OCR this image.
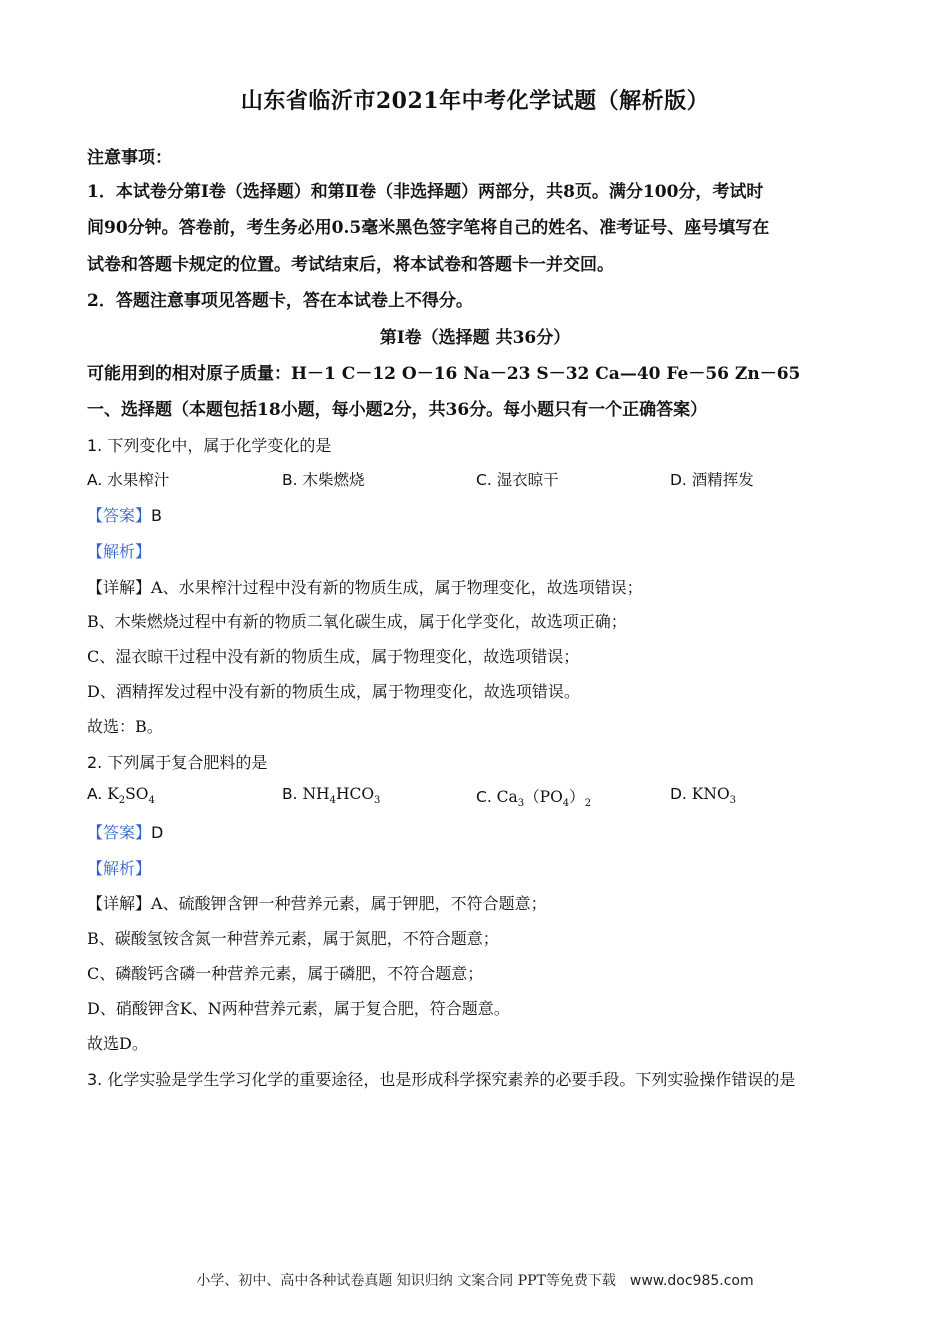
山东省临沂市2021年中考化学试题（解析版）
注意事项：
1．本试卷分第Ⅰ卷（选择题）和第Ⅱ卷（非选择题）两部分，共8页。满分100分，考试时
间90分钟。答卷前，考生务必用0.5毫米黑色签字笔将自己的姓名、准考证号、座号填写在
试卷和答题卡规定的位置。考试结束后，将本试卷和答题卡一并交回。
2．答题注意事项见答题卡，答在本试卷上不得分。
第Ⅰ卷（选择题 共36分）
可能用到的相对原子质量：H－1 C－12 O－16 Na－23 S－32 Ca—40 Fe－56 Zn－65
一、选择题（本题包括18小题，每小题2分，共36分。每小题只有一个正确答案）
1. 下列变化中，属于化学变化的是
A. 水果榨汁	B. 木柴燃烧	C. 湿衣晾干	D. 酒精挥发
【答案】B
【解析】
【详解】A、水果榨汁过程中没有新的物质生成，属于物理变化，故选项错误；
B、木柴燃烧过程中有新的物质二氧化碳生成，属于化学变化，故选项正确；
C、湿衣晾干过程中没有新的物质生成，属于物理变化，故选项错误；
D、酒精挥发过程中没有新的物质生成，属于物理变化，故选项错误。
故选：B。
2. 下列属于复合肥料的是
A. $K_2SO_4$	B. $NH_4HCO_3$	C. $Ca_3(PO_4)_2$
D. $KNO_3$
【答案】D
【解析】
【详解】A、硫酸钾含钾一种营养元素，属于钾肥，不符合题意；
B、碳酸氢铵含氮一种营养元素，属于氮肥，不符合题意；
C、磷酸钙含磷一种营养元素，属于磷肥，不符合题意；
D、硝酸钾含K、N两种营养元素，属于复合肥，符合题意。
故选D。
3. 化学实验是学生学习化学的重要途径，也是形成科学探究素养的必要手段。下列实验操作错误的是
小学、初中、高中各种试卷真题 知识归纳 文案合同 PPT等免费下载 www.doc985.com
